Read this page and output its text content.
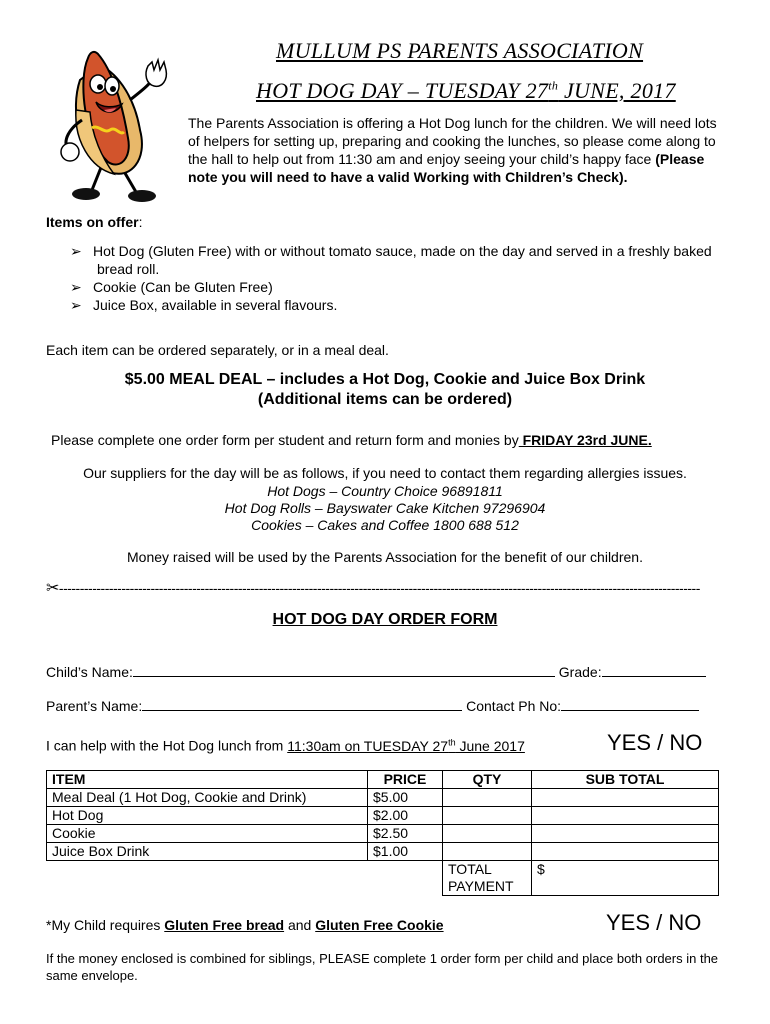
MULLUM PS PARENTS ASSOCIATION
HOT DOG DAY – TUESDAY 27th JUNE, 2017
The Parents Association is offering a Hot Dog lunch for the children. We will need lots of helpers for setting up, preparing and cooking the lunches, so please come along to the hall to help out from 11:30 am and enjoy seeing your child’s happy face (Please note you will need to have a valid Working with Children’s Check).
Items on offer:
➢ Hot Dog (Gluten Free) with or without tomato sauce, made on the day and served in a freshly baked
bread roll.
➢ Cookie (Can be Gluten Free)
➢ Juice Box, available in several flavours.
Each item can be ordered separately, or in a meal deal.
$5.00 MEAL DEAL – includes a Hot Dog, Cookie and Juice Box Drink
(Additional items can be ordered)
Please complete one order form per student and return form and monies by FRIDAY 23rd JUNE.
Our suppliers for the day will be as follows, if you need to contact them regarding allergies issues.
Hot Dogs – Country Choice 96891811
Hot Dog Rolls – Bayswater Cake Kitchen 97296904
Cookies – Cakes and Coffee 1800 688 512
Money raised will be used by the Parents Association for the benefit of our children.
✂----------------------------------------------------------------------------------------------------------------------------------------------------------
HOT DOG DAY ORDER FORM
Child’s Name:	Grade:
Parent’s Name:	Contact Ph No:
I can help with the Hot Dog lunch from 11:30am on TUESDAY 27th June 2017	YES / NO
ITEM	PRICE	QTY	SUB TOTAL
Meal Deal (1 Hot Dog, Cookie and Drink)	$5.00		
Hot Dog	$2.00		
Cookie	$2.50		
Juice Box Drink	$1.00		
		TOTAL PAYMENT	$
*My Child requires Gluten Free bread and Gluten Free Cookie	YES / NO
If the money enclosed is combined for siblings, PLEASE complete 1 order form per child and place both orders in the same envelope.
